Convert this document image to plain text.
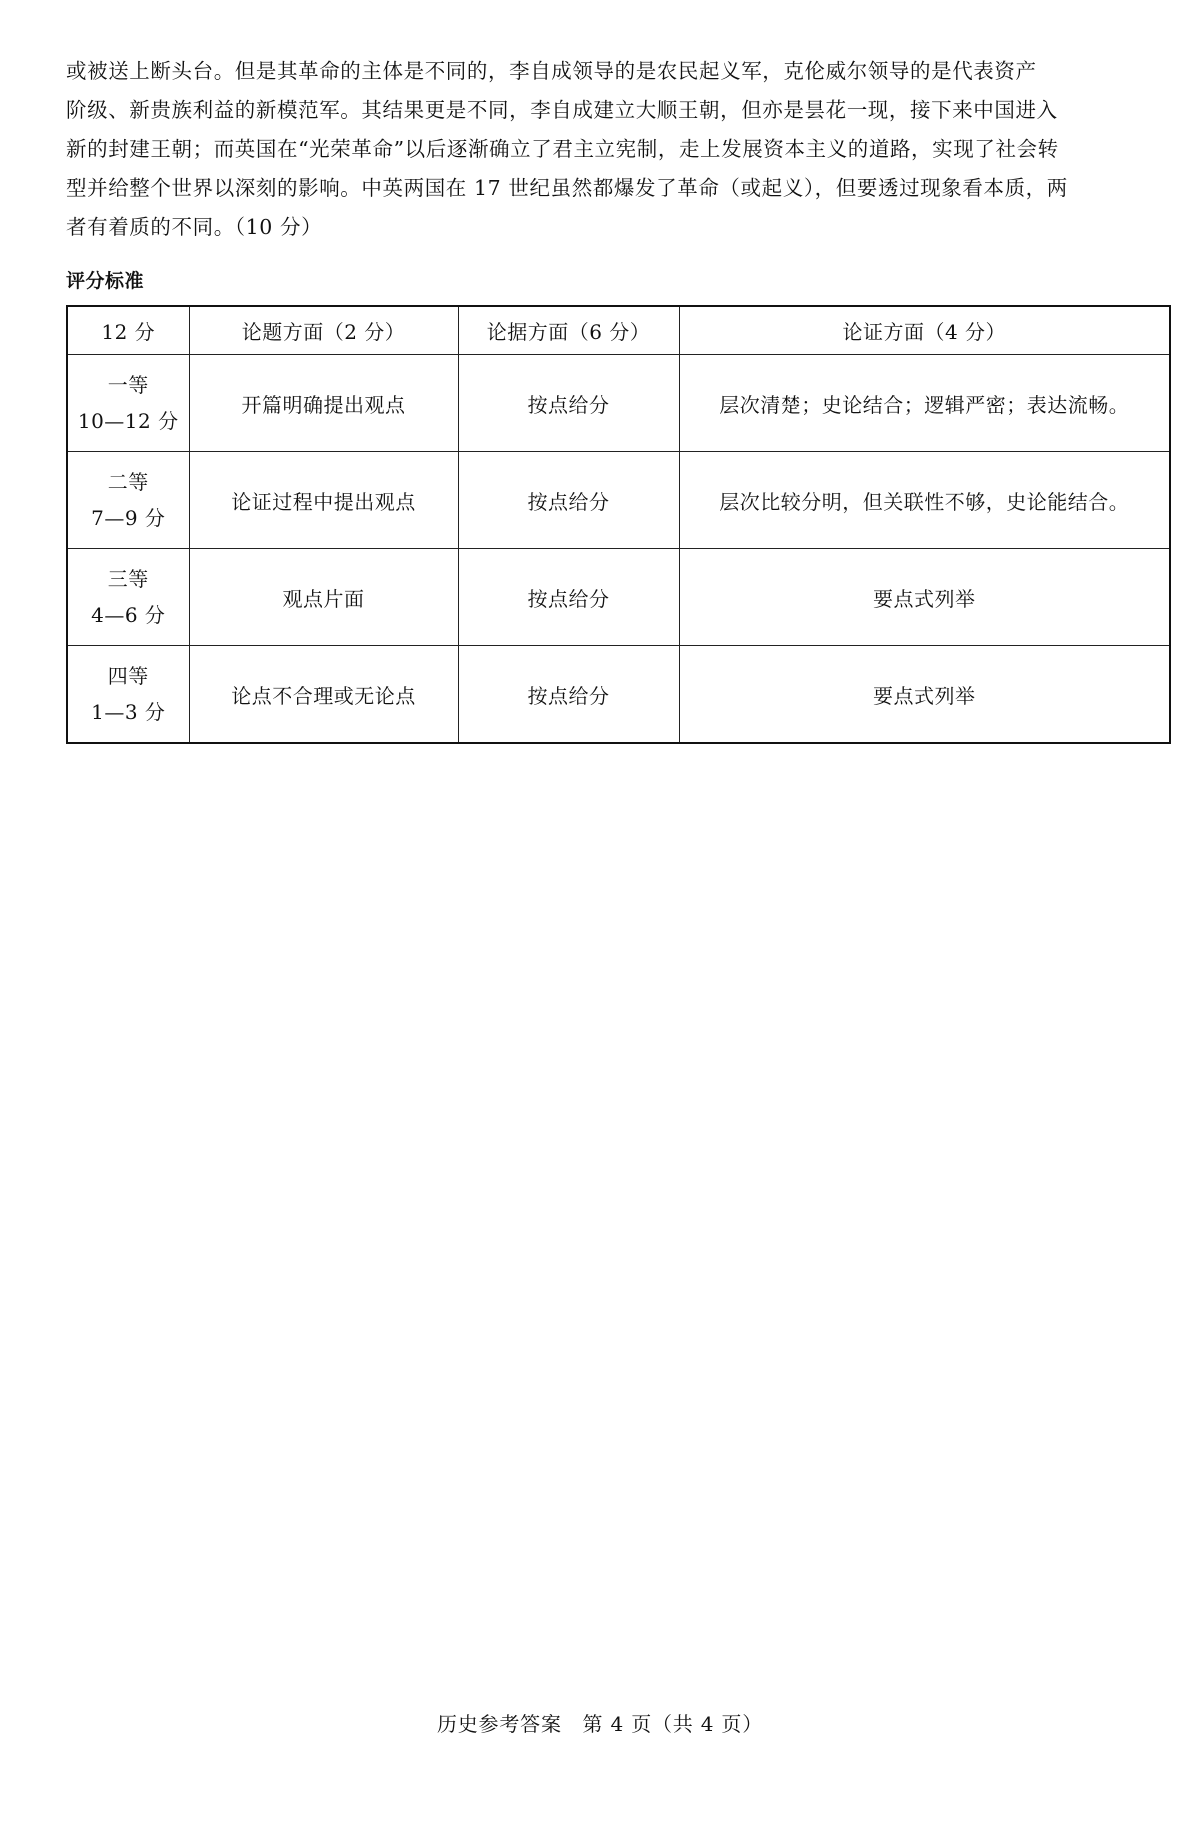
或被送上断头台。但是其革命的主体是不同的，李自成领导的是农民起义军，克伦威尔领导的是代表资产
阶级、新贵族利益的新模范军。其结果更是不同，李自成建立大顺王朝，但亦是昙花一现，接下来中国进入
新的封建王朝；而英国在“光荣革命”以后逐渐确立了君主立宪制，走上发展资本主义的道路，实现了社会转
型并给整个世界以深刻的影响。中英两国在 17 世纪虽然都爆发了革命（或起义），但要透过现象看本质，两
者有着质的不同。（10 分）
评分标准
12 分	论题方面（2 分）	论据方面（6 分）	论证方面（4 分）

一等
10—12 分	开篇明确提出观点	按点给分	层次清楚；史论结合；逻辑严密；表达流畅。

二等
7—9 分	论证过程中提出观点	按点给分	层次比较分明，但关联性不够，史论能结合。

三等
4—6 分	观点片面	按点给分	要点式列举

四等
1—3 分	论点不合理或无论点	按点给分	要点式列举
历史参考答案　第 4 页（共 4 页）
